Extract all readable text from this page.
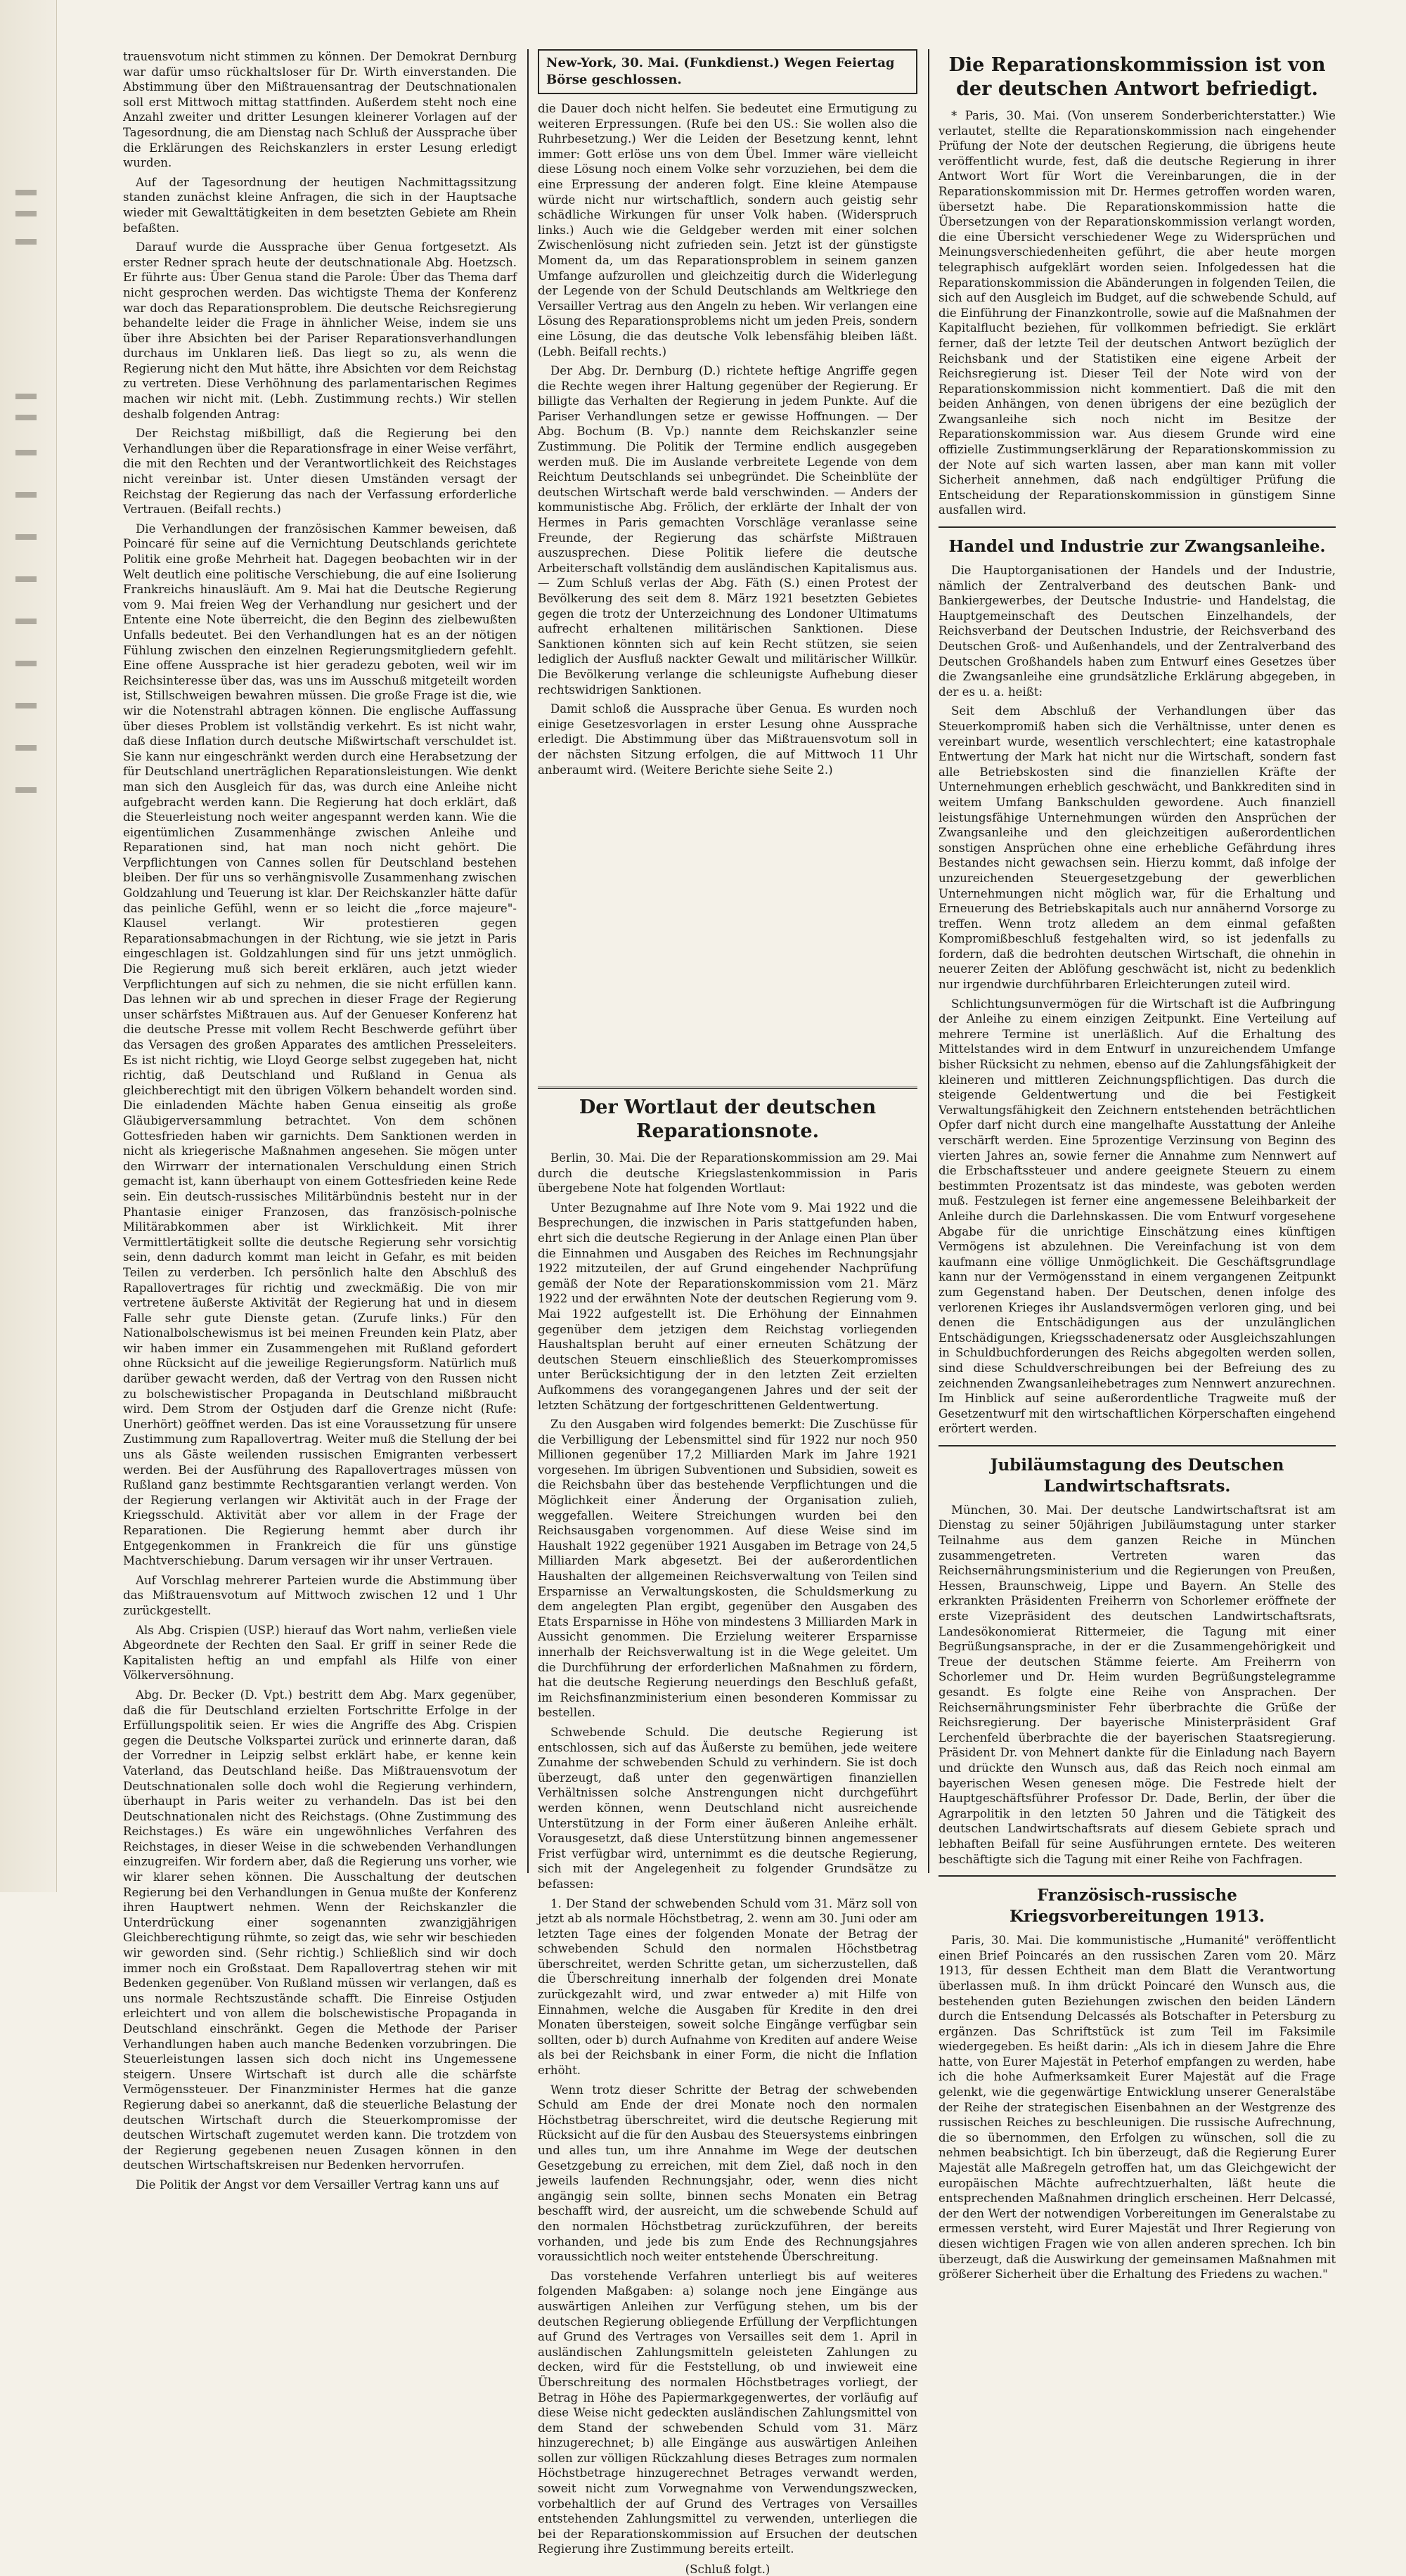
trauensvotum nicht stimmen zu können. Der Demokrat Dernburg war dafür umso rückhaltsloser für Dr. Wirth einverstanden. Die Abstimmung über den Mißtrauensantrag der Deutschnationalen soll erst Mittwoch mittag stattfinden. Außerdem steht noch eine Anzahl zweiter und dritter Lesungen kleinerer Vorlagen auf der Tagesordnung, die am Dienstag nach Schluß der Aussprache über die Erklärungen des Reichskanzlers in erster Lesung erledigt wurden.

Auf der Tagesordnung der heutigen Nachmittagssitzung standen zunächst kleine Anfragen, die sich in der Hauptsache wieder mit Gewalttätigkeiten in dem besetzten Gebiete am Rhein befaßten.

Darauf wurde die Aussprache über Genua fortgesetzt. Als erster Redner sprach heute der deutschnationale Abg. Hoetzsch. Er führte aus: Über Genua stand die Parole: Über das Thema darf nicht gesprochen werden. Das wichtigste Thema der Konferenz war doch das Reparationsproblem. Die deutsche Reichsregierung behandelte leider die Frage in ähnlicher Weise, indem sie uns über ihre Absichten bei der Pariser Reparationsverhandlungen durchaus im Unklaren ließ. Das liegt so zu, als wenn die Regierung nicht den Mut hätte, ihre Absichten vor dem Reichstag zu vertreten. Diese Verhöhnung des parlamentarischen Regimes machen wir nicht mit. (Lebh. Zustimmung rechts.) Wir stellen deshalb folgenden Antrag:

Der Reichstag mißbilligt, daß die Regierung bei den Verhandlungen über die Reparationsfrage in einer Weise verfährt, die mit den Rechten und der Verantwortlichkeit des Reichstages nicht vereinbar ist. Unter diesen Umständen versagt der Reichstag der Regierung das nach der Verfassung erforderliche Vertrauen. (Beifall rechts.)

Die Verhandlungen der französischen Kammer beweisen, daß Poincaré für seine auf die Vernichtung Deutschlands gerichtete Politik eine große Mehrheit hat. Dagegen beobachten wir in der Welt deutlich eine politische Verschiebung, die auf eine Isolierung Frankreichs hinausläuft. Am 9. Mai hat die Deutsche Regierung vom 9. Mai freien Weg der Verhandlung nur gesichert und der Entente eine Note überreicht, die den Beginn des zielbewußten Unfalls bedeutet. Bei den Verhandlungen hat es an der nötigen Fühlung zwischen den einzelnen Regierungsmitgliedern gefehlt. Eine offene Aussprache ist hier geradezu geboten, weil wir im Reichsinteresse über das, was uns im Ausschuß mitgeteilt worden ist, Stillschweigen bewahren müssen. Die große Frage ist die, wie wir die Notenstrahl abtragen können. Die englische Auffassung über dieses Problem ist vollständig verkehrt. Es ist nicht wahr, daß diese Inflation durch deutsche Mißwirtschaft verschuldet ist. Sie kann nur eingeschränkt werden durch eine Herabsetzung der für Deutschland unerträglichen Reparationsleistungen. Wie denkt man sich den Ausgleich für das, was durch eine Anleihe nicht aufgebracht werden kann. Die Regierung hat doch erklärt, daß die Steuerleistung noch weiter angespannt werden kann. Wie die eigentümlichen Zusammenhänge zwischen Anleihe und Reparationen sind, hat man noch nicht gehört. Die Verpflichtungen von Cannes sollen für Deutschland bestehen bleiben. Der für uns so verhängnisvolle Zusammenhang zwischen Goldzahlung und Teuerung ist klar. Der Reichskanzler hätte dafür das peinliche Gefühl, wenn er so leicht die „force majeure"-Klausel verlangt. Wir protestieren gegen Reparationsabmachungen in der Richtung, wie sie jetzt in Paris eingeschlagen ist. Goldzahlungen sind für uns jetzt unmöglich. Die Regierung muß sich bereit erklären, auch jetzt wieder Verpflichtungen auf sich zu nehmen, die sie nicht erfüllen kann. Das lehnen wir ab und sprechen in dieser Frage der Regierung unser schärfstes Mißtrauen aus. Auf der Genueser Konferenz hat die deutsche Presse mit vollem Recht Beschwerde geführt über das Versagen des großen Apparates des amtlichen Presseleiters. Es ist nicht richtig, wie Lloyd George selbst zugegeben hat, nicht richtig, daß Deutschland und Rußland in Genua als gleichberechtigt mit den übrigen Völkern behandelt worden sind. Die einladenden Mächte haben Genua einseitig als große Gläubigerversammlung betrachtet. Von dem schönen Gottesfrieden haben wir garnichts. Dem Sanktionen werden in nicht als kriegerische Maßnahmen angesehen. Sie mögen unter den Wirrwarr der internationalen Verschuldung einen Strich gemacht ist, kann überhaupt von einem Gottesfrieden keine Rede sein. Ein deutsch-russisches Militärbündnis besteht nur in der Phantasie einiger Franzosen, das französisch-polnische Militärabkommen aber ist Wirklichkeit. Mit ihrer Vermittlertätigkeit sollte die deutsche Regierung sehr vorsichtig sein, denn dadurch kommt man leicht in Gefahr, es mit beiden Teilen zu verderben. Ich persönlich halte den Abschluß des Rapallovertrages für richtig und zweckmäßig. Die von mir vertretene äußerste Aktivität der Regierung hat und in diesem Falle sehr gute Dienste getan. (Zurufe links.) Für den Nationalbolschewismus ist bei meinen Freunden kein Platz, aber wir haben immer ein Zusammengehen mit Rußland gefordert ohne Rücksicht auf die jeweilige Regierungsform. Natürlich muß darüber gewacht werden, daß der Vertrag von den Russen nicht zu bolschewistischer Propaganda in Deutschland mißbraucht wird. Dem Strom der Ostjuden darf die Grenze nicht (Rufe: Unerhört) geöffnet werden. Das ist eine Voraussetzung für unsere Zustimmung zum Rapallovertrag. Weiter muß die Stellung der bei uns als Gäste weilenden russischen Emigranten verbessert werden. Bei der Ausführung des Rapallovertrages müssen von Rußland ganz bestimmte Rechtsgarantien verlangt werden. Von der Regierung verlangen wir Aktivität auch in der Frage der Kriegsschuld. Aktivität aber vor allem in der Frage der Reparationen. Die Regierung hemmt aber durch ihr Entgegenkommen in Frankreich die für uns günstige Machtverschiebung. Darum versagen wir ihr unser Vertrauen.

Auf Vorschlag mehrerer Parteien wurde die Abstimmung über das Mißtrauensvotum auf Mittwoch zwischen 12 und 1 Uhr zurückgestellt.

Als Abg. Crispien (USP.) hierauf das Wort nahm, verließen viele Abgeordnete der Rechten den Saal. Er griff in seiner Rede die Kapitalisten heftig an und empfahl als Hilfe von einer Völkerversöhnung.

Abg. Dr. Becker (D. Vpt.) bestritt dem Abg. Marx gegenüber, daß die für Deutschland erzielten Fortschritte Erfolge in der Erfüllungspolitik seien. Er wies die Angriffe des Abg. Crispien gegen die Deutsche Volkspartei zurück und erinnerte daran, daß der Vorredner in Leipzig selbst erklärt habe, er kenne kein Vaterland, das Deutschland heiße. Das Mißtrauensvotum der Deutschnationalen solle doch wohl die Regierung verhindern, überhaupt in Paris weiter zu verhandeln. Das ist bei den Deutschnationalen nicht des Reichstags. (Ohne Zustimmung des Reichstages.) Es wäre ein ungewöhnliches Verfahren des Reichstages, in dieser Weise in die schwebenden Verhandlungen einzugreifen. Wir fordern aber, daß die Regierung uns vorher, wie wir klarer sehen können. Die Ausschaltung der deutschen Regierung bei den Verhandlungen in Genua mußte der Konferenz ihren Hauptwert nehmen. Wenn der Reichskanzler die Unterdrückung einer sogenannten zwanzigjährigen Gleichberechtigung rühmte, so zeigt das, wie sehr wir beschieden wir geworden sind. (Sehr richtig.) Schließlich sind wir doch immer noch ein Großstaat. Dem Rapallovertrag stehen wir mit Bedenken gegenüber. Von Rußland müssen wir verlangen, daß es uns normale Rechtszustände schafft. Die Einreise Ostjuden erleichtert und von allem die bolschewistische Propaganda in Deutschland einschränkt. Gegen die Methode der Pariser Verhandlungen haben auch manche Bedenken vorzubringen. Die Steuerleistungen lassen sich doch nicht ins Ungemessene steigern. Unsere Wirtschaft ist durch alle die schärfste Vermögenssteuer. Der Finanzminister Hermes hat die ganze Regierung dabei so anerkannt, daß die steuerliche Belastung der deutschen Wirtschaft durch die Steuerkompromisse der deutschen Wirtschaft zugemutet werden kann. Die trotzdem von der Regierung gegebenen neuen Zusagen können in den deutschen Wirtschaftskreisen nur Bedenken hervorrufen.

Die Politik der Angst vor dem Versailler Vertrag kann uns auf

New-York, 30. Mai. (Funkdienst.) Wegen Feiertag Börse geschlossen.

die Dauer doch nicht helfen. Sie bedeutet eine Ermutigung zu weiteren Erpressungen. (Rufe bei den US.: Sie wollen also die Ruhrbesetzung.) Wer die Leiden der Besetzung kennt, lehnt immer: Gott erlöse uns von dem Übel. Immer wäre vielleicht diese Lösung noch einem Volke sehr vorzuziehen, bei dem die eine Erpressung der anderen folgt. Eine kleine Atempause würde nicht nur wirtschaftlich, sondern auch geistig sehr schädliche Wirkungen für unser Volk haben. (Widerspruch links.) Auch wie die Geldgeber werden mit einer solchen Zwischenlösung nicht zufrieden sein. Jetzt ist der günstigste Moment da, um das Reparationsproblem in seinem ganzen Umfange aufzurollen und gleichzeitig durch die Widerlegung der Legende von der Schuld Deutschlands am Weltkriege den Versailler Vertrag aus den Angeln zu heben. Wir verlangen eine Lösung des Reparationsproblems nicht um jeden Preis, sondern eine Lösung, die das deutsche Volk lebensfähig bleiben läßt. (Lebh. Beifall rechts.)

Der Abg. Dr. Dernburg (D.) richtete heftige Angriffe gegen die Rechte wegen ihrer Haltung gegenüber der Regierung. Er billigte das Verhalten der Regierung in jedem Punkte. Auf die Pariser Verhandlungen setze er gewisse Hoffnungen. — Der Abg. Bochum (B. Vp.) nannte dem Reichskanzler seine Zustimmung. Die Politik der Termine endlich ausgegeben werden muß. Die im Auslande verbreitete Legende von dem Reichtum Deutschlands sei unbegründet. Die Scheinblüte der deutschen Wirtschaft werde bald verschwinden. — Anders der kommunistische Abg. Frölich, der erklärte der Inhalt der von Hermes in Paris gemachten Vorschläge veranlasse seine Freunde, der Regierung das schärfste Mißtrauen auszusprechen. Diese Politik liefere die deutsche Arbeiterschaft vollständig dem ausländischen Kapitalismus aus. — Zum Schluß verlas der Abg. Fäth (S.) einen Protest der Bevölkerung des seit dem 8. März 1921 besetzten Gebietes gegen die trotz der Unterzeichnung des Londoner Ultimatums aufrecht erhaltenen militärischen Sanktionen. Diese Sanktionen könnten sich auf kein Recht stützen, sie seien lediglich der Ausfluß nackter Gewalt und militärischer Willkür. Die Bevölkerung verlange die schleunigste Aufhebung dieser rechtswidrigen Sanktionen.

Damit schloß die Aussprache über Genua. Es wurden noch einige Gesetzesvorlagen in erster Lesung ohne Aussprache erledigt. Die Abstimmung über das Mißtrauensvotum soll in der nächsten Sitzung erfolgen, die auf Mittwoch 11 Uhr anberaumt wird. (Weitere Berichte siehe Seite 2.)

Der Wortlaut der deutschen Reparationsnote.

Berlin, 30. Mai. Die der Reparationskommission am 29. Mai durch die deutsche Kriegslastenkommission in Paris übergebene Note hat folgenden Wortlaut:

Unter Bezugnahme auf Ihre Note vom 9. Mai 1922 und die Besprechungen, die inzwischen in Paris stattgefunden haben, ehrt sich die deutsche Regierung in der Anlage einen Plan über die Einnahmen und Ausgaben des Reiches im Rechnungsjahr 1922 mitzuteilen, der auf Grund eingehender Nachprüfung gemäß der Note der Reparationskommission vom 21. März 1922 und der erwähnten Note der deutschen Regierung vom 9. Mai 1922 aufgestellt ist. Die Erhöhung der Einnahmen gegenüber dem jetzigen dem Reichstag vorliegenden Haushaltsplan beruht auf einer erneuten Schätzung der deutschen Steuern einschließlich des Steuerkompromisses unter Berücksichtigung der in den letzten Zeit erzielten Aufkommens des vorangegangenen Jahres und der seit der letzten Schätzung der fortgeschrittenen Geldentwertung.

Zu den Ausgaben wird folgendes bemerkt: Die Zuschüsse für die Verbilligung der Lebensmittel sind für 1922 nur noch 950 Millionen gegenüber 17,2 Milliarden Mark im Jahre 1921 vorgesehen. Im übrigen Subventionen und Subsidien, soweit es die Reichsbahn über das bestehende Verpflichtungen und die Möglichkeit einer Änderung der Organisation zulieh, weggefallen. Weitere Streichungen wurden bei den Reichsausgaben vorgenommen. Auf diese Weise sind im Haushalt 1922 gegenüber 1921 Ausgaben im Betrage von 24,5 Milliarden Mark abgesetzt. Bei der außerordentlichen Haushalten der allgemeinen Reichsverwaltung von Teilen sind Ersparnisse an Verwaltungskosten, die Schuldsmerkung zu dem angelegten Plan ergibt, gegenüber den Ausgaben des Etats Ersparnisse in Höhe von mindestens 3 Milliarden Mark in Aussicht genommen. Die Erzielung weiterer Ersparnisse innerhalb der Reichsverwaltung ist in die Wege geleitet. Um die Durchführung der erforderlichen Maßnahmen zu fördern, hat die deutsche Regierung neuerdings den Beschluß gefaßt, im Reichsfinanzministerium einen besonderen Kommissar zu bestellen.

Schwebende Schuld. Die deutsche Regierung ist entschlossen, sich auf das Äußerste zu bemühen, jede weitere Zunahme der schwebenden Schuld zu verhindern. Sie ist doch überzeugt, daß unter den gegenwärtigen finanziellen Verhältnissen solche Anstrengungen nicht durchgeführt werden können, wenn Deutschland nicht ausreichende Unterstützung in der Form einer äußeren Anleihe erhält. Vorausgesetzt, daß diese Unterstützung binnen angemessener Frist verfügbar wird, unternimmt es die deutsche Regierung, sich mit der Angelegenheit zu folgender Grundsätze zu befassen:

1. Der Stand der schwebenden Schuld vom 31. März soll von jetzt ab als normale Höchstbetrag, 2. wenn am 30. Juni oder am letzten Tage eines der folgenden Monate der Betrag der schwebenden Schuld den normalen Höchstbetrag überschreitet, werden Schritte getan, um sicherzustellen, daß die Überschreitung innerhalb der folgenden drei Monate zurückgezahlt wird, und zwar entweder a) mit Hilfe von Einnahmen, welche die Ausgaben für Kredite in den drei Monaten übersteigen, soweit solche Eingänge verfügbar sein sollten, oder b) durch Aufnahme von Krediten auf andere Weise als bei der Reichsbank in einer Form, die nicht die Inflation erhöht.

Wenn trotz dieser Schritte der Betrag der schwebenden Schuld am Ende der drei Monate noch den normalen Höchstbetrag überschreitet, wird die deutsche Regierung mit Rücksicht auf die für den Ausbau des Steuersystems einbringen und alles tun, um ihre Annahme im Wege der deutschen Gesetzgebung zu erreichen, mit dem Ziel, daß noch in den jeweils laufenden Rechnungsjahr, oder, wenn dies nicht angängig sein sollte, binnen sechs Monaten ein Betrag beschafft wird, der ausreicht, um die schwebende Schuld auf den normalen Höchstbetrag zurückzuführen, der bereits vorhanden, und jede bis zum Ende des Rechnungsjahres voraussichtlich noch weiter entstehende Überschreitung.

Das vorstehende Verfahren unterliegt bis auf weiteres folgenden Maßgaben: a) solange noch jene Eingänge aus auswärtigen Anleihen zur Verfügung stehen, um bis der deutschen Regierung obliegende Erfüllung der Verpflichtungen auf Grund des Vertrages von Versailles seit dem 1. April in ausländischen Zahlungsmitteln geleisteten Zahlungen zu decken, wird für die Feststellung, ob und inwieweit eine Überschreitung des normalen Höchstbetrages vorliegt, der Betrag in Höhe des Papiermarkgegenwertes, der vorläufig auf diese Weise nicht gedeckten ausländischen Zahlungsmittel von dem Stand der schwebenden Schuld vom 31. März hinzugerechnet; b) alle Eingänge aus auswärtigen Anleihen sollen zur völligen Rückzahlung dieses Betrages zum normalen Höchstbetrage hinzugerechnet Betrages verwandt werden, soweit nicht zum Vorwegnahme von Verwendungszwecken, vorbehaltlich der auf Grund des Vertrages von Versailles entstehenden Zahlungsmittel zu verwenden, unterliegen die bei der Reparationskommission auf Ersuchen der deutschen Regierung ihre Zustimmung bereits erteilt.

(Schluß folgt.)
Die Reparationskommission ist von der deutschen Antwort befriedigt.

* Paris, 30. Mai. (Von unserem Sonderberichterstatter.) Wie verlautet, stellte die Reparationskommission nach eingehender Prüfung der Note der deutschen Regierung, die übrigens heute veröffentlicht wurde, fest, daß die deutsche Regierung in ihrer Antwort Wort für Wort die Vereinbarungen, die in der Reparationskommission mit Dr. Hermes getroffen worden waren, übersetzt habe. Die Reparationskommission hatte die Übersetzungen von der Reparationskommission verlangt worden, die eine Übersicht verschiedener Wege zu Widersprüchen und Meinungsverschiedenheiten geführt, die aber heute morgen telegraphisch aufgeklärt worden seien. Infolgedessen hat die Reparationskommission die Abänderungen in folgenden Teilen, die sich auf den Ausgleich im Budget, auf die schwebende Schuld, auf die Einführung der Finanzkontrolle, sowie auf die Maßnahmen der Kapitalflucht beziehen, für vollkommen befriedigt. Sie erklärt ferner, daß der letzte Teil der deutschen Antwort bezüglich der Reichsbank und der Statistiken eine eigene Arbeit der Reichsregierung ist. Dieser Teil der Note wird von der Reparationskommission nicht kommentiert. Daß die mit den beiden Anhängen, von denen übrigens der eine bezüglich der Zwangsanleihe sich noch nicht im Besitze der Reparationskommission war. Aus diesem Grunde wird eine offizielle Zustimmungserklärung der Reparationskommission zu der Note auf sich warten lassen, aber man kann mit voller Sicherheit annehmen, daß nach endgültiger Prüfung die Entscheidung der Reparationskommission in günstigem Sinne ausfallen wird.

Handel und Industrie zur Zwangsanleihe.

Die Hauptorganisationen der Handels und der Industrie, nämlich der Zentralverband des deutschen Bank- und Bankiergewerbes, der Deutsche Industrie- und Handelstag, die Hauptgemeinschaft des Deutschen Einzelhandels, der Reichsverband der Deutschen Industrie, der Reichsverband des Deutschen Groß- und Außenhandels, und der Zentralverband des Deutschen Großhandels haben zum Entwurf eines Gesetzes über die Zwangsanleihe eine grundsätzliche Erklärung abgegeben, in der es u. a. heißt:

Seit dem Abschluß der Verhandlungen über das Steuerkompromiß haben sich die Verhältnisse, unter denen es vereinbart wurde, wesentlich verschlechtert; eine katastrophale Entwertung der Mark hat nicht nur die Wirtschaft, sondern fast alle Betriebskosten sind die finanziellen Kräfte der Unternehmungen erheblich geschwächt, und Bankkrediten sind in weitem Umfang Bankschulden gewordene. Auch finanziell leistungsfähige Unternehmungen würden den Ansprüchen der Zwangsanleihe und den gleichzeitigen außerordentlichen sonstigen Ansprüchen ohne eine erhebliche Gefährdung ihres Bestandes nicht gewachsen sein. Hierzu kommt, daß infolge der unzureichenden Steuergesetzgebung der gewerblichen Unternehmungen nicht möglich war, für die Erhaltung und Erneuerung des Betriebskapitals auch nur annähernd Vorsorge zu treffen. Wenn trotz alledem an dem einmal gefaßten Kompromißbeschluß festgehalten wird, so ist jedenfalls zu fordern, daß die bedrohten deutschen Wirtschaft, die ohnehin in neuerer Zeiten der Ablöfung geschwächt ist, nicht zu bedenklich nur irgendwie durchführbaren Erleichterungen zuteil wird.

Schlichtungsunvermögen für die Wirtschaft ist die Aufbringung der Anleihe zu einem einzigen Zeitpunkt. Eine Verteilung auf mehrere Termine ist unerläßlich. Auf die Erhaltung des Mittelstandes wird in dem Entwurf in unzureichendem Umfange bisher Rücksicht zu nehmen, ebenso auf die Zahlungsfähigkeit der kleineren und mittleren Zeichnungspflichtigen. Das durch die steigende Geldentwertung und die bei Festigkeit Verwaltungsfähigkeit den Zeichnern entstehenden beträchtlichen Opfer darf nicht durch eine mangelhafte Ausstattung der Anleihe verschärft werden. Eine 5prozentige Verzinsung von Beginn des vierten Jahres an, sowie ferner die Annahme zum Nennwert auf die Erbschaftssteuer und andere geeignete Steuern zu einem bestimmten Prozentsatz ist das mindeste, was geboten werden muß. Festzulegen ist ferner eine angemessene Beleihbarkeit der Anleihe durch die Darlehnskassen. Die vom Entwurf vorgesehene Abgabe für die unrichtige Einschätzung eines künftigen Vermögens ist abzulehnen. Die Vereinfachung ist von dem kaufmann eine völlige Unmöglichkeit. Die Geschäftsgrundlage kann nur der Vermögensstand in einem vergangenen Zeitpunkt zum Gegenstand haben. Der Deutschen, denen infolge des verlorenen Krieges ihr Auslandsvermögen verloren ging, und bei denen die Entschädigungen aus der unzulänglichen Entschädigungen, Kriegsschadenersatz oder Ausgleichszahlungen in Schuldbuchforderungen des Reichs abgegolten werden sollen, sind diese Schuldverschreibungen bei der Befreiung des zu zeichnenden Zwangsanleihebetrages zum Nennwert anzurechnen. Im Hinblick auf seine außerordentliche Tragweite muß der Gesetzentwurf mit den wirtschaftlichen Körperschaften eingehend erörtert werden.

Jubiläumstagung des Deutschen Landwirtschaftsrats.

München, 30. Mai. Der deutsche Landwirtschaftsrat ist am Dienstag zu seiner 50jährigen Jubiläumstagung unter starker Teilnahme aus dem ganzen Reiche in München zusammengetreten. Vertreten waren das Reichsernährungsministerium und die Regierungen von Preußen, Hessen, Braunschweig, Lippe und Bayern. An Stelle des erkrankten Präsidenten Freiherrn von Schorlemer eröffnete der erste Vizepräsident des deutschen Landwirtschaftsrats, Landesökonomierat Rittermeier, die Tagung mit einer Begrüßungsansprache, in der er die Zusammengehörigkeit und Treue der deutschen Stämme feierte. Am Freiherrn von Schorlemer und Dr. Heim wurden Begrüßungstelegramme gesandt. Es folgte eine Reihe von Ansprachen. Der Reichsernährungsminister Fehr überbrachte die Grüße der Reichsregierung. Der bayerische Ministerpräsident Graf Lerchenfeld überbrachte die der bayerischen Staatsregierung. Präsident Dr. von Mehnert dankte für die Einladung nach Bayern und drückte den Wunsch aus, daß das Reich noch einmal am bayerischen Wesen genesen möge. Die Festrede hielt der Hauptgeschäftsführer Professor Dr. Dade, Berlin, der über die Agrarpolitik in den letzten 50 Jahren und die Tätigkeit des deutschen Landwirtschaftsrats auf diesem Gebiete sprach und lebhaften Beifall für seine Ausführungen erntete. Des weiteren beschäftigte sich die Tagung mit einer Reihe von Fachfragen.

Französisch-russische Kriegsvorbereitungen 1913.

Paris, 30. Mai. Die kommunistische „Humanité" veröffentlicht einen Brief Poincarés an den russischen Zaren vom 20. März 1913, für dessen Echtheit man dem Blatt die Verantwortung überlassen muß. In ihm drückt Poincaré den Wunsch aus, die bestehenden guten Beziehungen zwischen den beiden Ländern durch die Entsendung Delcassés als Botschafter in Petersburg zu ergänzen. Das Schriftstück ist zum Teil im Faksimile wiedergegeben. Es heißt darin: „Als ich in diesem Jahre die Ehre hatte, von Eurer Majestät in Peterhof empfangen zu werden, habe ich die hohe Aufmerksamkeit Eurer Majestät auf die Frage gelenkt, wie die gegenwärtige Entwicklung unserer Generalstäbe der Reihe der strategischen Eisenbahnen an der Westgrenze des russischen Reiches zu beschleunigen. Die russische Aufrechnung, die so übernommen, den Erfolgen zu wünschen, soll die zu nehmen beabsichtigt. Ich bin überzeugt, daß die Regierung Eurer Majestät alle Maßregeln getroffen hat, um das Gleichgewicht der europäischen Mächte aufrechtzuerhalten, läßt heute die entsprechenden Maßnahmen dringlich erscheinen. Herr Delcassé, der den Wert der notwendigen Vorbereitungen im Generalstabe zu ermessen versteht, wird Eurer Majestät und Ihrer Regierung von diesen wichtigen Fragen wie von allen anderen sprechen. Ich bin überzeugt, daß die Auswirkung der gemeinsamen Maßnahmen mit größerer Sicherheit über die Erhaltung des Friedens zu wachen."
